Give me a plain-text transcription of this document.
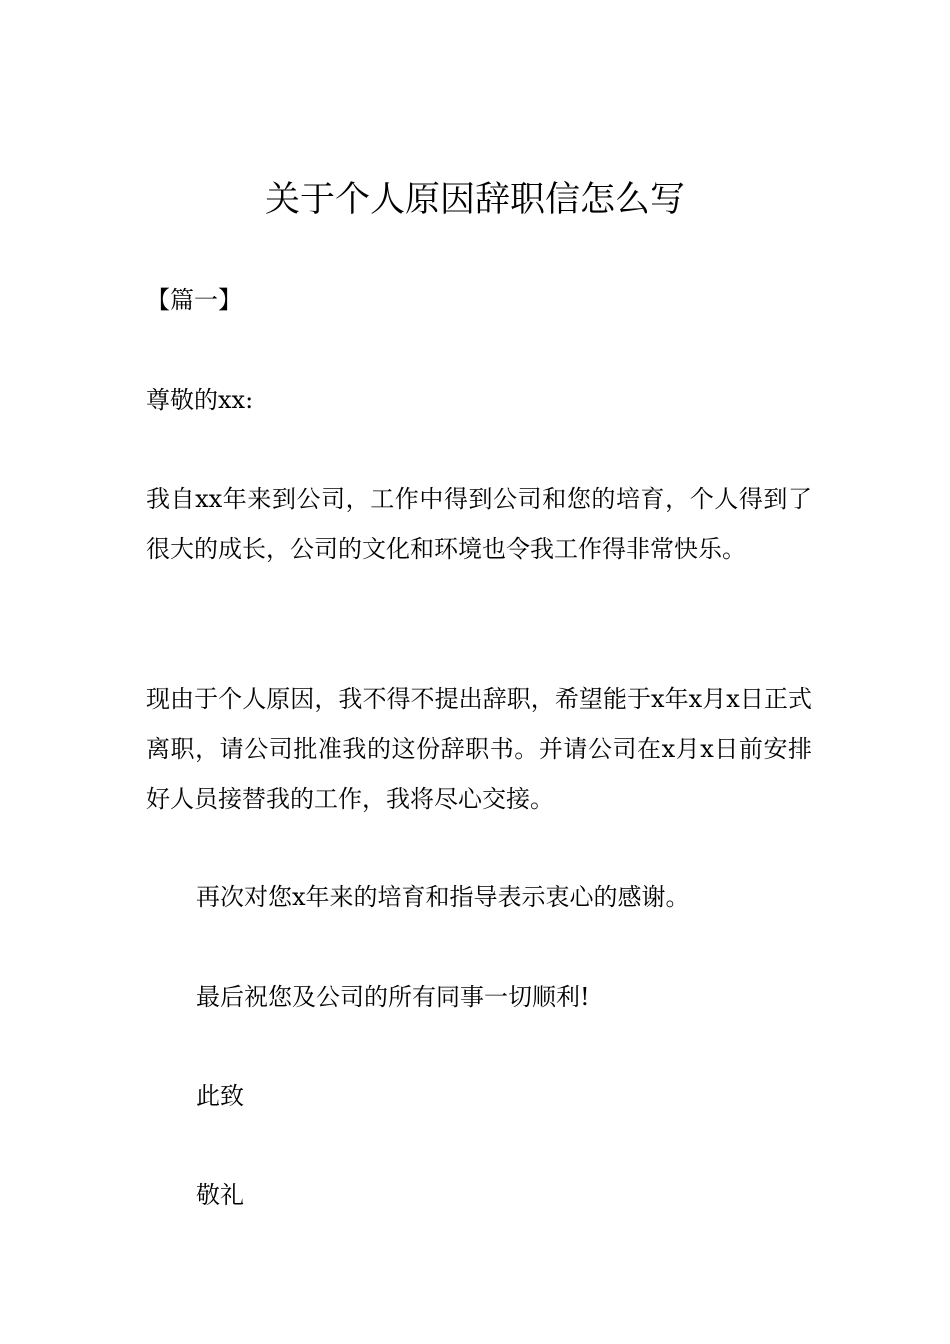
关于个人原因辞职信怎么写

【篇一】

尊敬的xx:

我自xx年来到公司，工作中得到公司和您的培育，个人得到了很大的成长，公司的文化和环境也令我工作得非常快乐。

现由于个人原因，我不得不提出辞职，希望能于x年x月x日正式离职，请公司批准我的这份辞职书。并请公司在x月x日前安排好人员接替我的工作，我将尽心交接。

再次对您x年来的培育和指导表示衷心的感谢。

最后祝您及公司的所有同事一切顺利!

此致

敬礼
